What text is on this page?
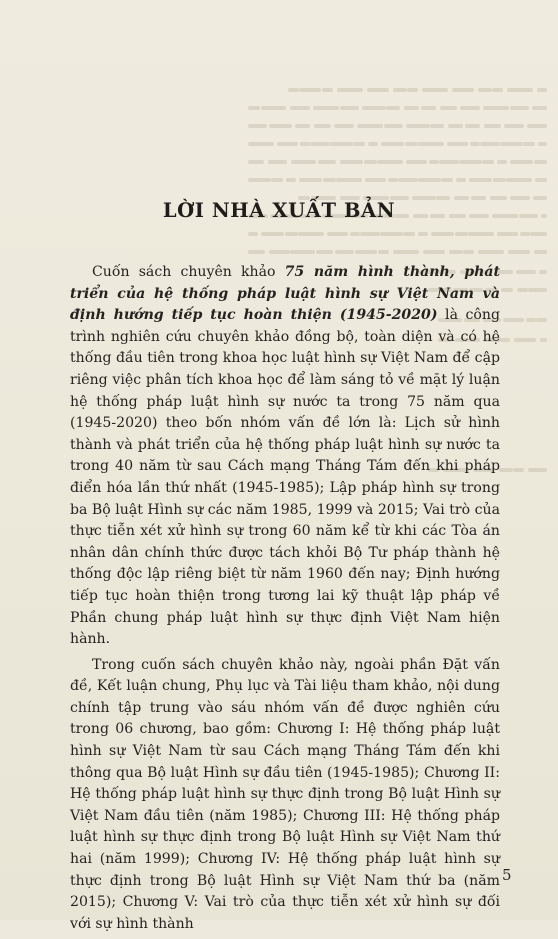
LỜI NHÀ XUẤT BẢN

Cuốn sách chuyên khảo 75 năm hình thành, phát triển của hệ thống pháp luật hình sự Việt Nam và định hướng tiếp tục hoàn thiện (1945-2020) là công trình nghiên cứu chuyên khảo đồng bộ, toàn diện và có hệ thống đầu tiên trong khoa học luật hình sự Việt Nam để cập riêng việc phân tích khoa học để làm sáng tỏ về mặt lý luận hệ thống pháp luật hình sự nước ta trong 75 năm qua (1945-2020) theo bốn nhóm vấn đề lớn là: Lịch sử hình thành và phát triển của hệ thống pháp luật hình sự nước ta trong 40 năm từ sau Cách mạng Tháng Tám đến khi pháp điển hóa lần thứ nhất (1945-1985); Lập pháp hình sự trong ba Bộ luật Hình sự các năm 1985, 1999 và 2015; Vai trò của thực tiễn xét xử hình sự trong 60 năm kể từ khi các Tòa án nhân dân chính thức được tách khỏi Bộ Tư pháp thành hệ thống độc lập riêng biệt từ năm 1960 đến nay; Định hướng tiếp tục hoàn thiện trong tương lai kỹ thuật lập pháp về Phần chung pháp luật hình sự thực định Việt Nam hiện hành.

Trong cuốn sách chuyên khảo này, ngoài phần Đặt vấn đề, Kết luận chung, Phụ lục và Tài liệu tham khảo, nội dung chính tập trung vào sáu nhóm vấn đề được nghiên cứu trong 06 chương, bao gồm: Chương I: Hệ thống pháp luật hình sự Việt Nam từ sau Cách mạng Tháng Tám đến khi thông qua Bộ luật Hình sự đầu tiên (1945-1985); Chương II: Hệ thống pháp luật hình sự thực định trong Bộ luật Hình sự Việt Nam đầu tiên (năm 1985); Chương III: Hệ thống pháp luật hình sự thực định trong Bộ luật Hình sự Việt Nam thứ hai (năm 1999); Chương IV: Hệ thống pháp luật hình sự thực định trong Bộ luật Hình sự Việt Nam thứ ba (năm 2015); Chương V: Vai trò của thực tiễn xét xử hình sự đối với sự hình thành

5
